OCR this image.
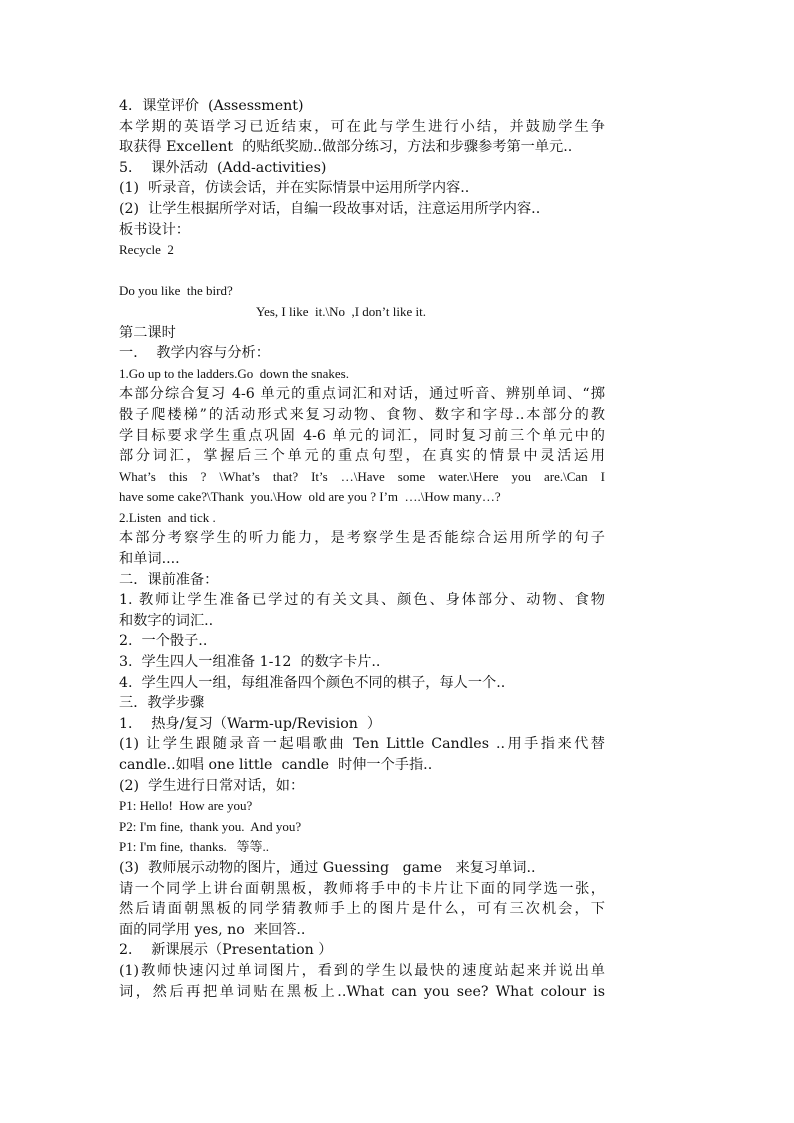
4．课堂评价  (Assessment)
本学期的英语学习已近结束，可在此与学生进行小结，并鼓励学生争
取获得 Excellent  的贴纸奖励..做部分练习，方法和步骤参考第一单元..
5．  课外活动  (Add-activities)
(1)  听录音，仿读会话，并在实际情景中运用所学内容..
(2)  让学生根据所学对话，自编一段故事对话，注意运用所学内容..
板书设计：
Recycle  2
Do you like  the bird?
Yes, I like  it.\No  ,I don’t like it.
第二课时
一．  教学内容与分析：
1.Go up to the ladders.Go  down the snakes.
本部分综合复习 4-6 单元的重点词汇和对话，通过听音、辨别单词、“掷
骰子爬楼梯”的活动形式来复习动物、食物、数字和字母..本部分的教
学目标要求学生重点巩固 4-6 单元的词汇，同时复习前三个单元中的
部分词汇，掌握后三个单元的重点句型，在真实的情景中灵活运用
What’s this ? \What’s that? It’s …\Have some water.\Here you are.\Can I
have some cake?\Thank  you.\How  old are you ? I’m  ….\How many…?
2.Listen  and tick .
本部分考察学生的听力能力，是考察学生是否能综合运用所学的句子
和单词....
二．课前准备：
1. 教师让学生准备已学过的有关文具、颜色、身体部分、动物、食物
和数字的词汇..
2.  一个骰子..
3.  学生四人一组准备 1-12  的数字卡片..
4.  学生四人一组，每组准备四个颜色不同的棋子，每人一个..
三．教学步骤
1．  热身/复习（Warm-up/Revision  ）
(1) 让学生跟随录音一起唱歌曲 Ten Little Candles ..用手指来代替
candle..如唱 one little  candle  时伸一个手指..
(2)  学生进行日常对话，如：
P1: Hello!  How are you?
P2: I'm fine,  thank you.  And you?
P1: I'm fine,  thanks.   等等..
(3)  教师展示动物的图片，通过 Guessing   game   来复习单词..
请一个同学上讲台面朝黑板，教师将手中的卡片让下面的同学选一张，
然后请面朝黑板的同学猜教师手上的图片是什么，可有三次机会，下
面的同学用 yes, no  来回答..
2．  新课展示（Presentation ）
(1)教师快速闪过单词图片，看到的学生以最快的速度站起来并说出单
词，然后再把单词贴在黑板上..What can you see? What colour is
